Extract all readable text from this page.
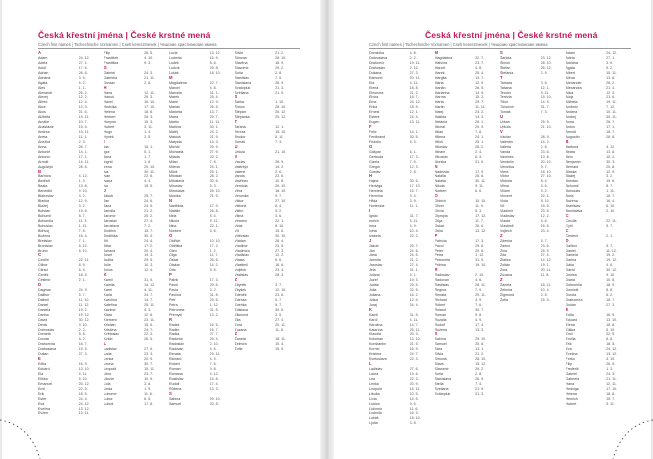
Česká křestní jména | České krstné mená
Czech first names | Tschechische Vornamen | Cseh keresztnevek | Чешские христианские имена
A
Adam	24. 12.
Adéla	27. 1.
Adolf	17. 6.
Adrian	26. 8.
Adriana	3. 9.
Agáta	5. 2.
Aleš	1. 1.
Alexandr	26. 2.
Alexej	12. 2.
Alfréd	12. 4.
Alice	12. 3.
Alois	21. 6.
Alžběta	19. 11.
Amálie	10. 7.
Anastázie	15. 4.
Andrea	10. 11.
Aneta	11. 1.
Anežka	2. 3.
Anna	26. 7.
Antonie	14. 1.
Antonín	17. 1.
Arnošt	14. 11.
Augustýn	28. 8.
B
Barbora	4. 12.
Bedřich	1. 3.
Beáta	13. 8.
Benedikt	9. 10.
Blahoslav	3. 2.
Blanka	12. 9.
Blažej	3. 2.
Bohdan	19. 6.
Bohumil	8. 7.
Bohumila	11. 3.
Bohuslav	1. 11.
Bořivoj	7. 5.
Božena	16. 4.
Břetislav	7. 1.
Bronislav	5. 12.
Bruno	6. 10.
C
Cecílie	22. 11.
Ctibor	8. 9.
Ctirad	6. 4.
Čeněk	18. 5.
Čestmír	2. 1.
D
Dagmar	24. 9.
Dalibor	5. 7.
Dalimil	11. 10.
Daniel	11. 12.
Daniela	19. 2.
Darina	19. 12.
David	30. 12.
Denis	9. 10.
Dobroslav	2. 2.
Dominik	8. 8.
Dorota	6. 2.
Drahomíra	18. 7.
Drahoslava	15. 5.
Dušan	27. 3.
E
Edita	16. 9.
Eduard	13. 10.
Ela	4. 11.
Eliška	5. 10.
Emanuel	25. 12.
Emil	22. 5.
Erik	18. 5.
Ester	24. 4.
Eva	24. 12.
Evelína	13. 12.
Evžen	13. 11.
Filip	26. 5.
František	4. 10.
Františka	9. 3.
G
Gabriel	24. 3.
Gabriela	21. 11.
Gustav	2. 8.
H
Hana	12. 11.
Hanuš	26. 3.
Havel	16. 10.
Hedvika	17. 10.
Helena	18. 8.
Herbert	26. 3.
Horymír	15. 3.
Hubert	3. 11.
Hugo	1. 4.
Hynek	3. 5.
I
Ida	15. 1.
Igor	5. 1.
Ilona	1. 7.
Ingrid	1. 8.
Irena	20. 10.
Iva	30. 11.
Ivan	22. 6.
Ivana	4. 4.
Ivo	19. 5.
J
Jakub	25. 7.
Jan	24. 6.
Jana	24. 5.
Jarmila	21. 2.
Jaromír	20. 2.
Jaroslav	27. 4.
Jaroslava	7. 2.
Jindřich	15. 7.
Jindřiška	30. 4.
Jiří	24. 4.
Jitka	17. 2.
Johana	20. 4.
Josef	19. 3.
Judita	29. 5.
Julie	10. 3.
Julius	12. 4.
K
Kamil	31. 5.
Kamila	14. 12.
Karel	4. 11.
Karla	24. 7.
Karolína	14. 7.
Kateřina	25. 11.
Kazimír	4. 3.
Klára	12. 8.
Klement	23. 11.
Kristián	15. 6.
Kristýna	24. 7.
Květoslav	22. 3.
Kvido	26. 5.
L
Ladislav	27. 6.
Lada	23. 3.
Lenka	20. 9.
Leona	30. 7.
Leopold	15. 11.
Libor	23. 7.
Libuše	10. 5.
Lída	3. 8.
Linda	1. 9.
Lubomír	11. 6.
Lubor	8. 5.
Luboš	17. 8.
Lucie	13. 12.
Ludmila	16. 9.
Luděk	8. 6.
Ludvík	25. 8.
Lukáš	18. 10.
M
Magdaléna	22. 7.
Marcel	4. 8.
Marcela	31. 1.
Marek	25. 4.
Marie	12. 9.
Marián	26. 5.
Markéta	13. 7.
Marta	29. 7.
Martin	11. 11.
Martina	30. 1.
Matěj	24. 2.
Matouš	21. 9.
Matylda	14. 3.
Michal	29. 9.
Michaela	27. 9.
Milada	22. 2.
Milan	7. 8.
Milena	24. 1.
Miloš	25. 1.
Miloslav	28. 2.
Miloslava	30. 6.
Miroslav	6. 3.
Miroslava	25. 10.
Monika	21. 5.
N
Naděžda	17. 9.
Natálie	26. 8.
Nela	8. 4.
Nikola	9. 11.
Nina	22. 1.
Norbert	6. 6.
O
Oldřich	10. 10.
Oldřiška	17. 2.
Oleg	1. 2.
Olga	11. 7.
Oskar	26. 6.
Otakar	14. 2.
Otto	5. 5.
P
Patrik	17. 3.
Pavel	29. 6.
Pavla	3. 2.
Pavlína	31. 8.
Petr	29. 6.
Petra	1. 12.
Petronela	31. 5.
Přemysl	13. 2.
R
Radek	16. 5.
Radim	16. 7.
Radka	27. 7.
Radomír	29. 4.
Radoslav	2. 10.
Radovan	4. 6.
Renata	29. 11.
Richard	4. 9.
Robert	7. 6.
Roman	9. 8.
Romana	4. 12.
Rostislav	15. 8.
Rudolf	17. 4.
Růžena	13. 3.
S
Sabina	29. 10.
Samuel	20. 8.
Silvie	21. 2.
Simona	28. 10.
Slavěna	18. 9.
Slavomír	29. 2.
Soňa	2. 8.
Stanislav	7. 5.
Stanislava	26. 9.
Svatopluk	21. 3.
Světlana	21. 9.
Š
Šárka	1. 10.
Šimon	28. 10.
Štěpán	26. 12.
Štěpánka	25. 12.
T
Taťána	12. 1.
Tereza	15. 10.
Teodor	5. 11.
Tomáš	7. 3.
U
Uršula	21. 10.
V
Václav	28. 9.
Valentýn	14. 2.
Valerie	2. 6.
Vanda	23. 6.
Vavřinec	10. 8.
Vendula	26. 10.
Věra	18. 10.
Veronika	9. 7.
Viktor	27. 10.
Viktorie	8. 4.
Vilém	9. 2.
Vilma	3. 6.
Vincenc	22. 1.
Viola	8. 10.
Vít	15. 6.
Vítězslav	30. 10.
Vladan	28. 4.
Vladimír	23. 5.
Vladimíra	27. 3.
Vladislav	12. 2.
Vlasta	6. 6.
Vlastimil	16. 6.
Vojtěch	23. 4.
Vratislav	28. 3.
Z
Zbyněk	3. 7.
Zbyšek	12. 10.
Zdeněk	23. 6.
Zdenka	5. 7.
Zdeňka	9. 7.
Zdislava	30. 5.
Zikmund	2. 5.
Zita	27. 4.
Zora	20. 11.
Zuzana	11. 8.
Ž
Žaneta	18. 11.
Želmíra	10. 4.
Žofie	15. 5.
Česká křestní jména | České krstné mená
Czech first names | Tschechische Vornamen | Cseh keresztnevek | Чешские христианские имена
Dominika	4. 8.
Dobroslava	2. 2.
Drahomír	19. 11.
Drahoslav	2. 12.
Dušana	27. 3.
Edmund	20. 11.
Ela	4. 11.
Elena	18. 8.
Eleonóra	21. 2.
Elvíra	16. 7.
Ema	24. 12.
Erika	18. 5.
Ernest	12. 1.
Estera	24. 4.
Eugen	13. 11.
F
Felix	14. 1.
Ferdinand	30. 5.
Fridolín	6. 3.
G
Gašpar	6. 1.
Gertruda	17. 3.
Gizela	7. 5.
Gregor	12. 3.
Gustáv	2. 8.
H
Hajna	30. 6.
Hedviga	17. 10.
Henrieta	15. 7.
Hermína	9. 4.
Hilda	3. 9.
Hortenzia	11. 1.
I
Ignác	31. 7.
Imrich	5. 11.
Irma	4. 9.
Iveta	10. 4.
Izabela	22. 2.
J
Jakub	25. 7.
Ján	24. 6.
Jana	24. 5.
Jarmila	21. 2.
Jaroslav	27. 4.
Jela	31. 1.
Jolana	9. 1.
Jozef	19. 3.
Judita	29. 5.
Júlia	22. 5.
Juliana	16. 2.
Július	12. 4.
Juraj	24. 4.
K
Kamil	31. 5.
Karol	4. 11.
Karolína	14. 7.
Katarína	25. 11.
Klaudia	20. 3.
Koloman	13. 10.
Konštantín	21. 5.
Kornel	16. 9.
Kristína	24. 7.
Kvetoslava	22. 3.
L
Ladislav	27. 6.
Laura	19. 6.
Lea	22. 3.
Lenka	20. 9.
Leopold	15. 11.
Libuša	10. 5.
Lívia	14. 5.
Ľubica	9. 6.
Ľubomír	11. 6.
Ľudmila	16. 9.
Lukáš	18. 10.
Lýdia	3. 8.
M
Magdaléna	22. 7.
Malvína	23. 7.
Marcel	4. 8.
Marek	25. 4.
Margita	13. 7.
Mária	12. 9.
Marián	26. 5.
Marianna	14. 9.
Marína	15. 2.
Marta	29. 7.
Martin	11. 11.
Matej	24. 2.
Matilda	14. 3.
Melánia	26. 1.
Michal	29. 9.
Milan	7. 8.
Milena	24. 1.
Miloš	25. 1.
Miloslav	28. 2.
Miriam	2. 4.
Miroslav	6. 3.
Monika	21. 5.
N
Nadežda	17. 9.
Natália	26. 8.
Nataša	30. 11.
Nikola	9. 11.
Norbert	6. 6.
O
Oldrich	10. 10.
Oliver	11. 9.
Olívia	5. 3.
Olympia	17. 12.
Oľga	11. 7.
Oskar	26. 6.
Otília	13. 12.
P
Patrícia	17. 3.
Pavol	29. 6.
Peter	29. 6.
Petra	1. 12.
Petronela	31. 5.
Pribina	19. 10.
R
Radoslav	2. 10.
Radovan	4. 6.
Rastislav	28. 11.
Regína	7. 9.
Renáta	29. 11.
Richard	4. 9.
Róbert	7. 6.
Roland	30. 7.
Roman	9. 8.
Rozália	4. 9.
Rudolf	17. 4.
Ružena	13. 3.
S
Sabína	29. 10.
Samuel	20. 8.
Sára	13. 1.
Silvia	21. 2.
Simona	28. 10.
Sláva	15. 12.
Slavomír	29. 2.
Soňa	2. 8.
Stanislava	26. 9.
Stella	7. 4.
Svetlana	21. 9.
Svätopluk	21. 3.
Š
Šarlota	23. 12.
Šimon	28. 10.
Štefan	26. 12.
Štefánia	2. 9.
T
Tamara	3. 6.
Tatiana	12. 1.
Teodor	5. 11.
Terézia	15. 10.
Tibor	14. 4.
Tichomír	31. 7.
Tomáš	7. 3.
U
Urban	25. 5.
Uršuľa	21. 10.
V
Václav	28. 9.
Valentín	14. 2.
Valéria	2. 6.
Vanda	23. 6.
Vavrinec	10. 8.
Vendelín	20. 10.
Veronika	9. 7.
Viera	18. 10.
Viktor	27. 10.
Viktória	8. 4.
Vilma	3. 6.
Viliam	9. 2.
Vincent	22. 1.
Viola	8. 10.
Vít	15. 6.
Vladimír	23. 5.
Vladislav	12. 2.
Vlasta	6. 6.
Vlastimil	16. 6.
Vojtech	23. 4.
Z
Zdenka	5. 7.
Zdeno	23. 6.
Zina	25. 9.
Zita	27. 4.
Zlatica	14. 12.
Zoltán	19. 1.
Zora	20. 11.
Zuzana	11. 8.
Ž
Žaneta	18. 11.
Želmíra	10. 4.
Žigmund	2. 5.
Žofia	15. 5.
Adam	24. 12.
Adela	27. 1.
Adriána	3. 9.
Agáta	5. 2.
Albert	15. 11.
Alena	13. 8.
Alexander	26. 2.
Alexandra	21. 4.
Alica	12. 3.
Alojz	21. 6.
Alžbeta	19. 11.
Ambróz	7. 12.
Andrea	10. 11.
Andrej	30. 11.
Anna	26. 7.
Anton	17. 1.
Arnold	18. 7.
Augustín	28. 8.
B
Barbora	4. 12.
Beáta	13. 8.
Belo	10. 2.
Benjamín	30. 3.
Bernard	20. 8.
Blanka	12. 9.
Blažej	3. 2.
Bohdan	19. 6.
Bohumil	8. 7.
Bohuslav	1. 11.
Boris	16. 7.
Božena	16. 4.
Branislav	6. 10.
Bronislava	2. 10.
C
Cecília	22. 11.
Cyril	5. 7.
Č
Čestmír	2. 1.
D
Dalibor	5. 7.
Daniel	11. 12.
Daniela	19. 2.
Darina	19. 12.
Dáša	4. 6.
Dávid	30. 12.
Denisa	9. 10.
Diana	10. 6.
Dobromila	18. 9.
Dominik	8. 8.
Dorota	6. 2.
Drahomíra	18. 7.
Dušan	27. 3.
E
Edita	16. 9.
Eduard	13. 10.
Elena	18. 8.
Eliška	5. 10.
Emil	22. 5.
Emília	8. 8.
Erik	18. 5.
Eva	24. 12.
Evelína	13. 12.
Ferko	4. 10.
Filip	26. 5.
Frederik	1. 3.
Gabriel	24. 3.
Gabriela	21. 11.
Hana	12. 11.
Hedviga	17. 10.
Helena	18. 8.
Henrich	15. 7.
Hubert	3. 11.
